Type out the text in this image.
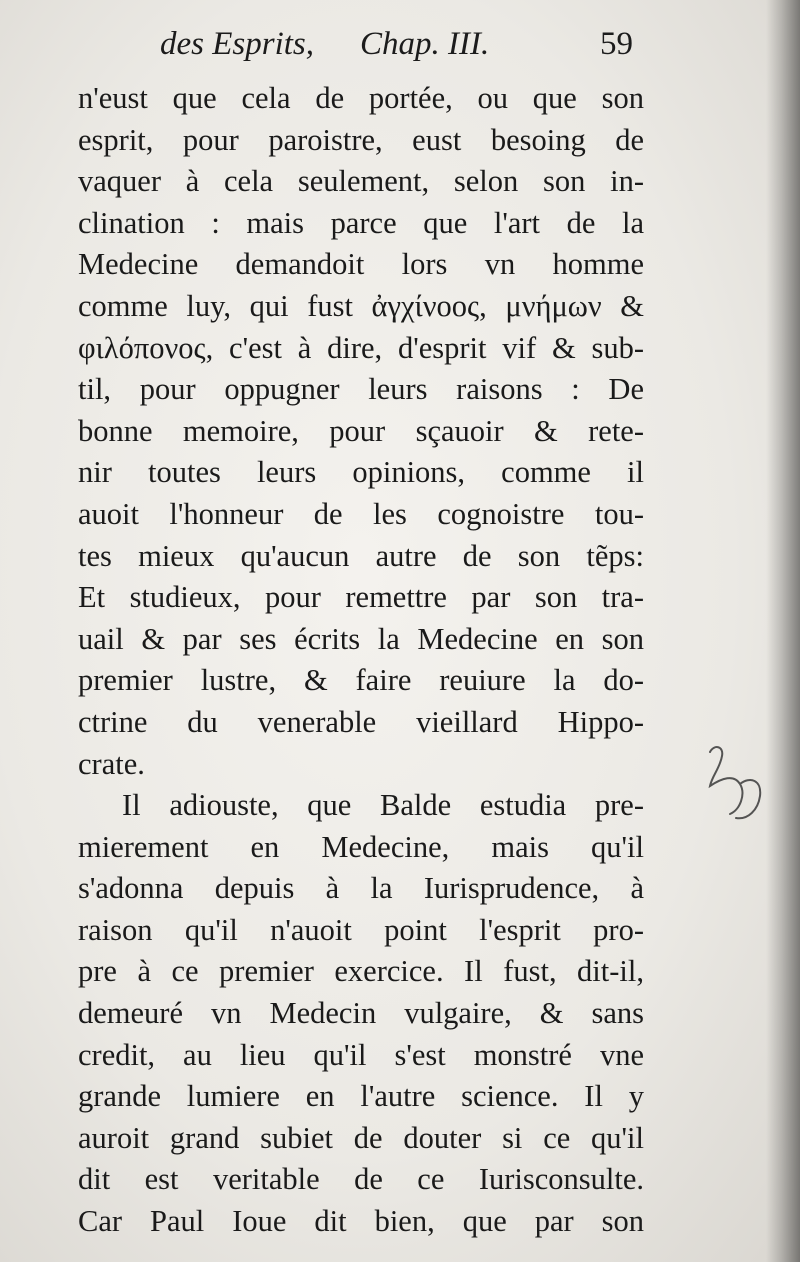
des Esprits, Chap. III.	59
n'eust que cela de portée, ou que son
esprit, pour paroistre, eust besoing de
vaquer à cela seulement, selon son in-
clination : mais parce que l'art de la
Medecine demandoit lors vn homme
comme luy, qui fust ἀγχίνοος, μνήμων &
φιλόπονος, c'est à dire, d'esprit vif & sub-
til, pour oppugner leurs raisons : De
bonne memoire, pour sçauoir & rete-
nir toutes leurs opinions, comme il
auoit l'honneur de les cognoistre tou-
tes mieux qu'aucun autre de son tẽps:
Et studieux, pour remettre par son tra-
uail & par ses écrits la Medecine en son
premier lustre, & faire reuiure la do-
ctrine du venerable vieillard Hippo-
crate.
Il adiouste, que Balde estudia pre-
mierement en Medecine, mais qu'il
s'adonna depuis à la Iurisprudence, à
raison qu'il n'auoit point l'esprit pro-
pre à ce premier exercice. Il fust, dit-il,
demeuré vn Medecin vulgaire, & sans
credit, au lieu qu'il s'est monstré vne
grande lumiere en l'autre science. Il y
auroit grand subiet de douter si ce qu'il
dit est veritable de ce Iurisconsulte.
Car Paul Ioue dit bien, que par son
